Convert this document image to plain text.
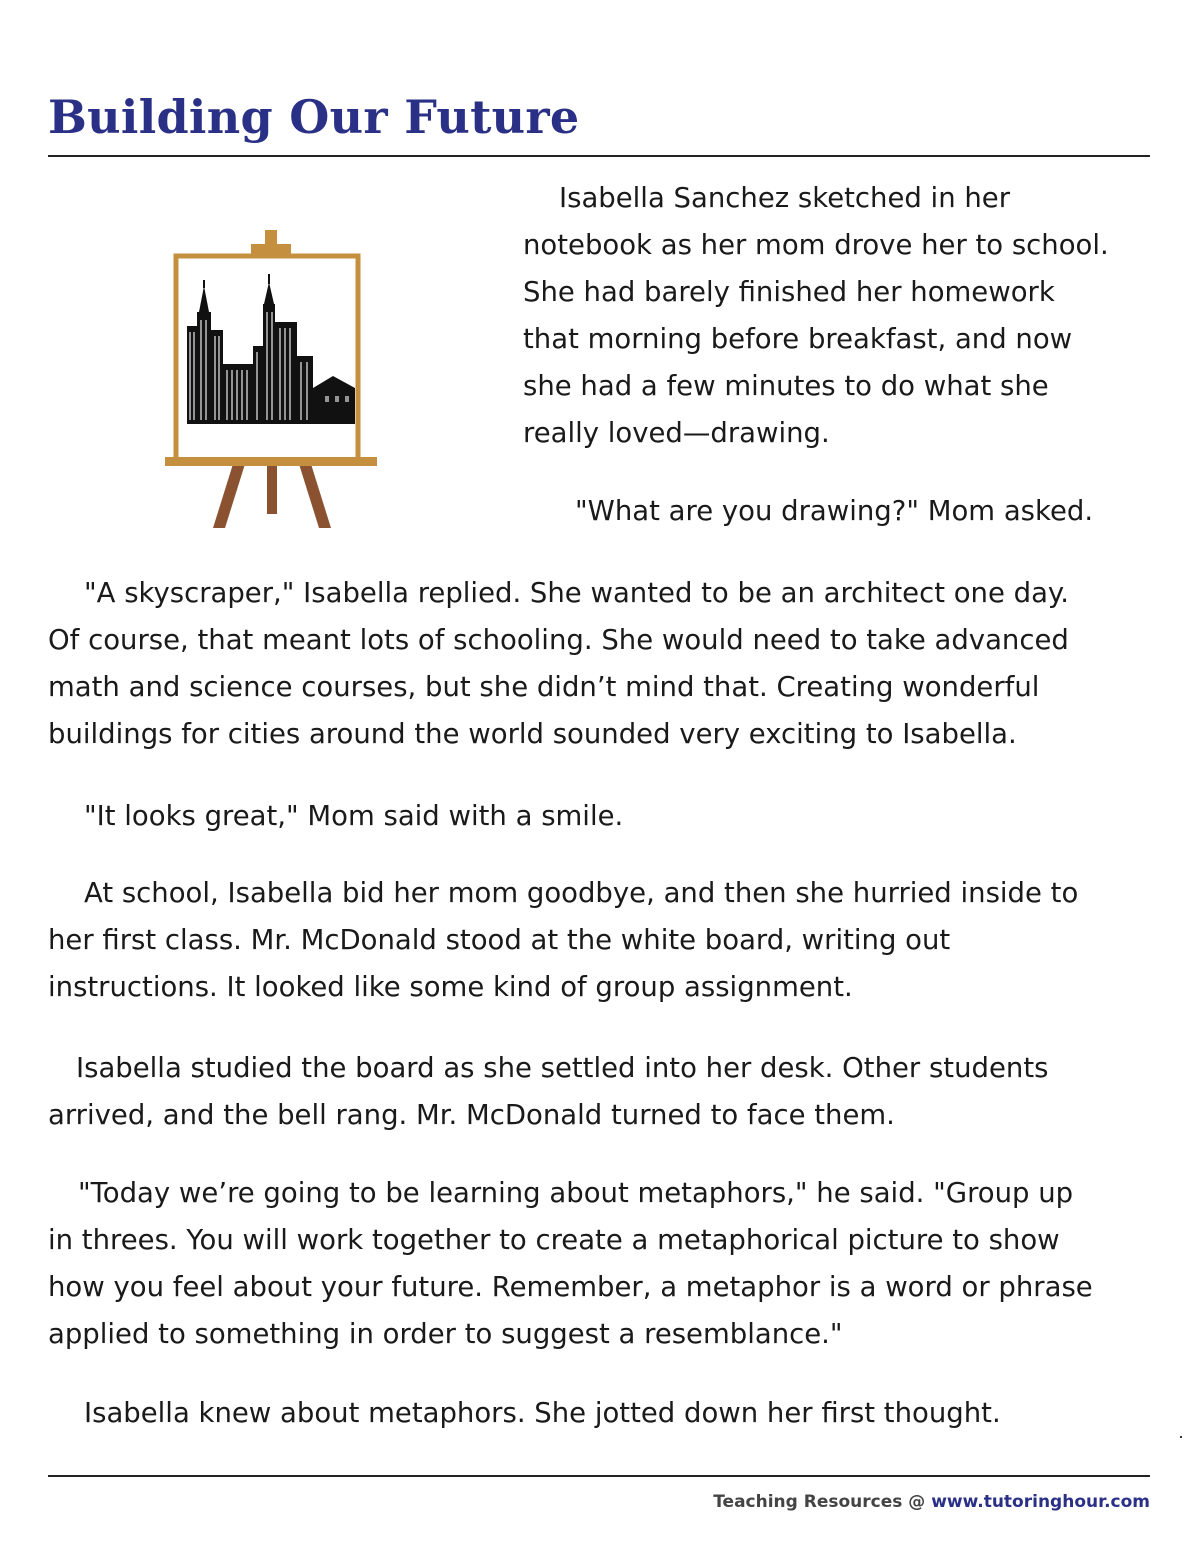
Building Our Future

Isabella Sanchez sketched in her
notebook as her mom drove her to school.
She had barely finished her homework
that morning before breakfast, and now
she had a few minutes to do what she
really loved—drawing.

"What are you drawing?" Mom asked.

"A skyscraper," Isabella replied. She wanted to be an architect one day.
Of course, that meant lots of schooling. She would need to take advanced
math and science courses, but she didn’t mind that. Creating wonderful
buildings for cities around the world sounded very exciting to Isabella.

"It looks great," Mom said with a smile.

At school, Isabella bid her mom goodbye, and then she hurried inside to
her first class. Mr. McDonald stood at the white board, writing out
instructions. It looked like some kind of group assignment.

Isabella studied the board as she settled into her desk. Other students
arrived, and the bell rang. Mr. McDonald turned to face them.

"Today we’re going to be learning about metaphors," he said. "Group up
in threes. You will work together to create a metaphorical picture to show
how you feel about your future. Remember, a metaphor is a word or phrase
applied to something in order to suggest a resemblance."

Isabella knew about metaphors. She jotted down her first thought.

Teaching Resources @ www.tutoringhour.com
